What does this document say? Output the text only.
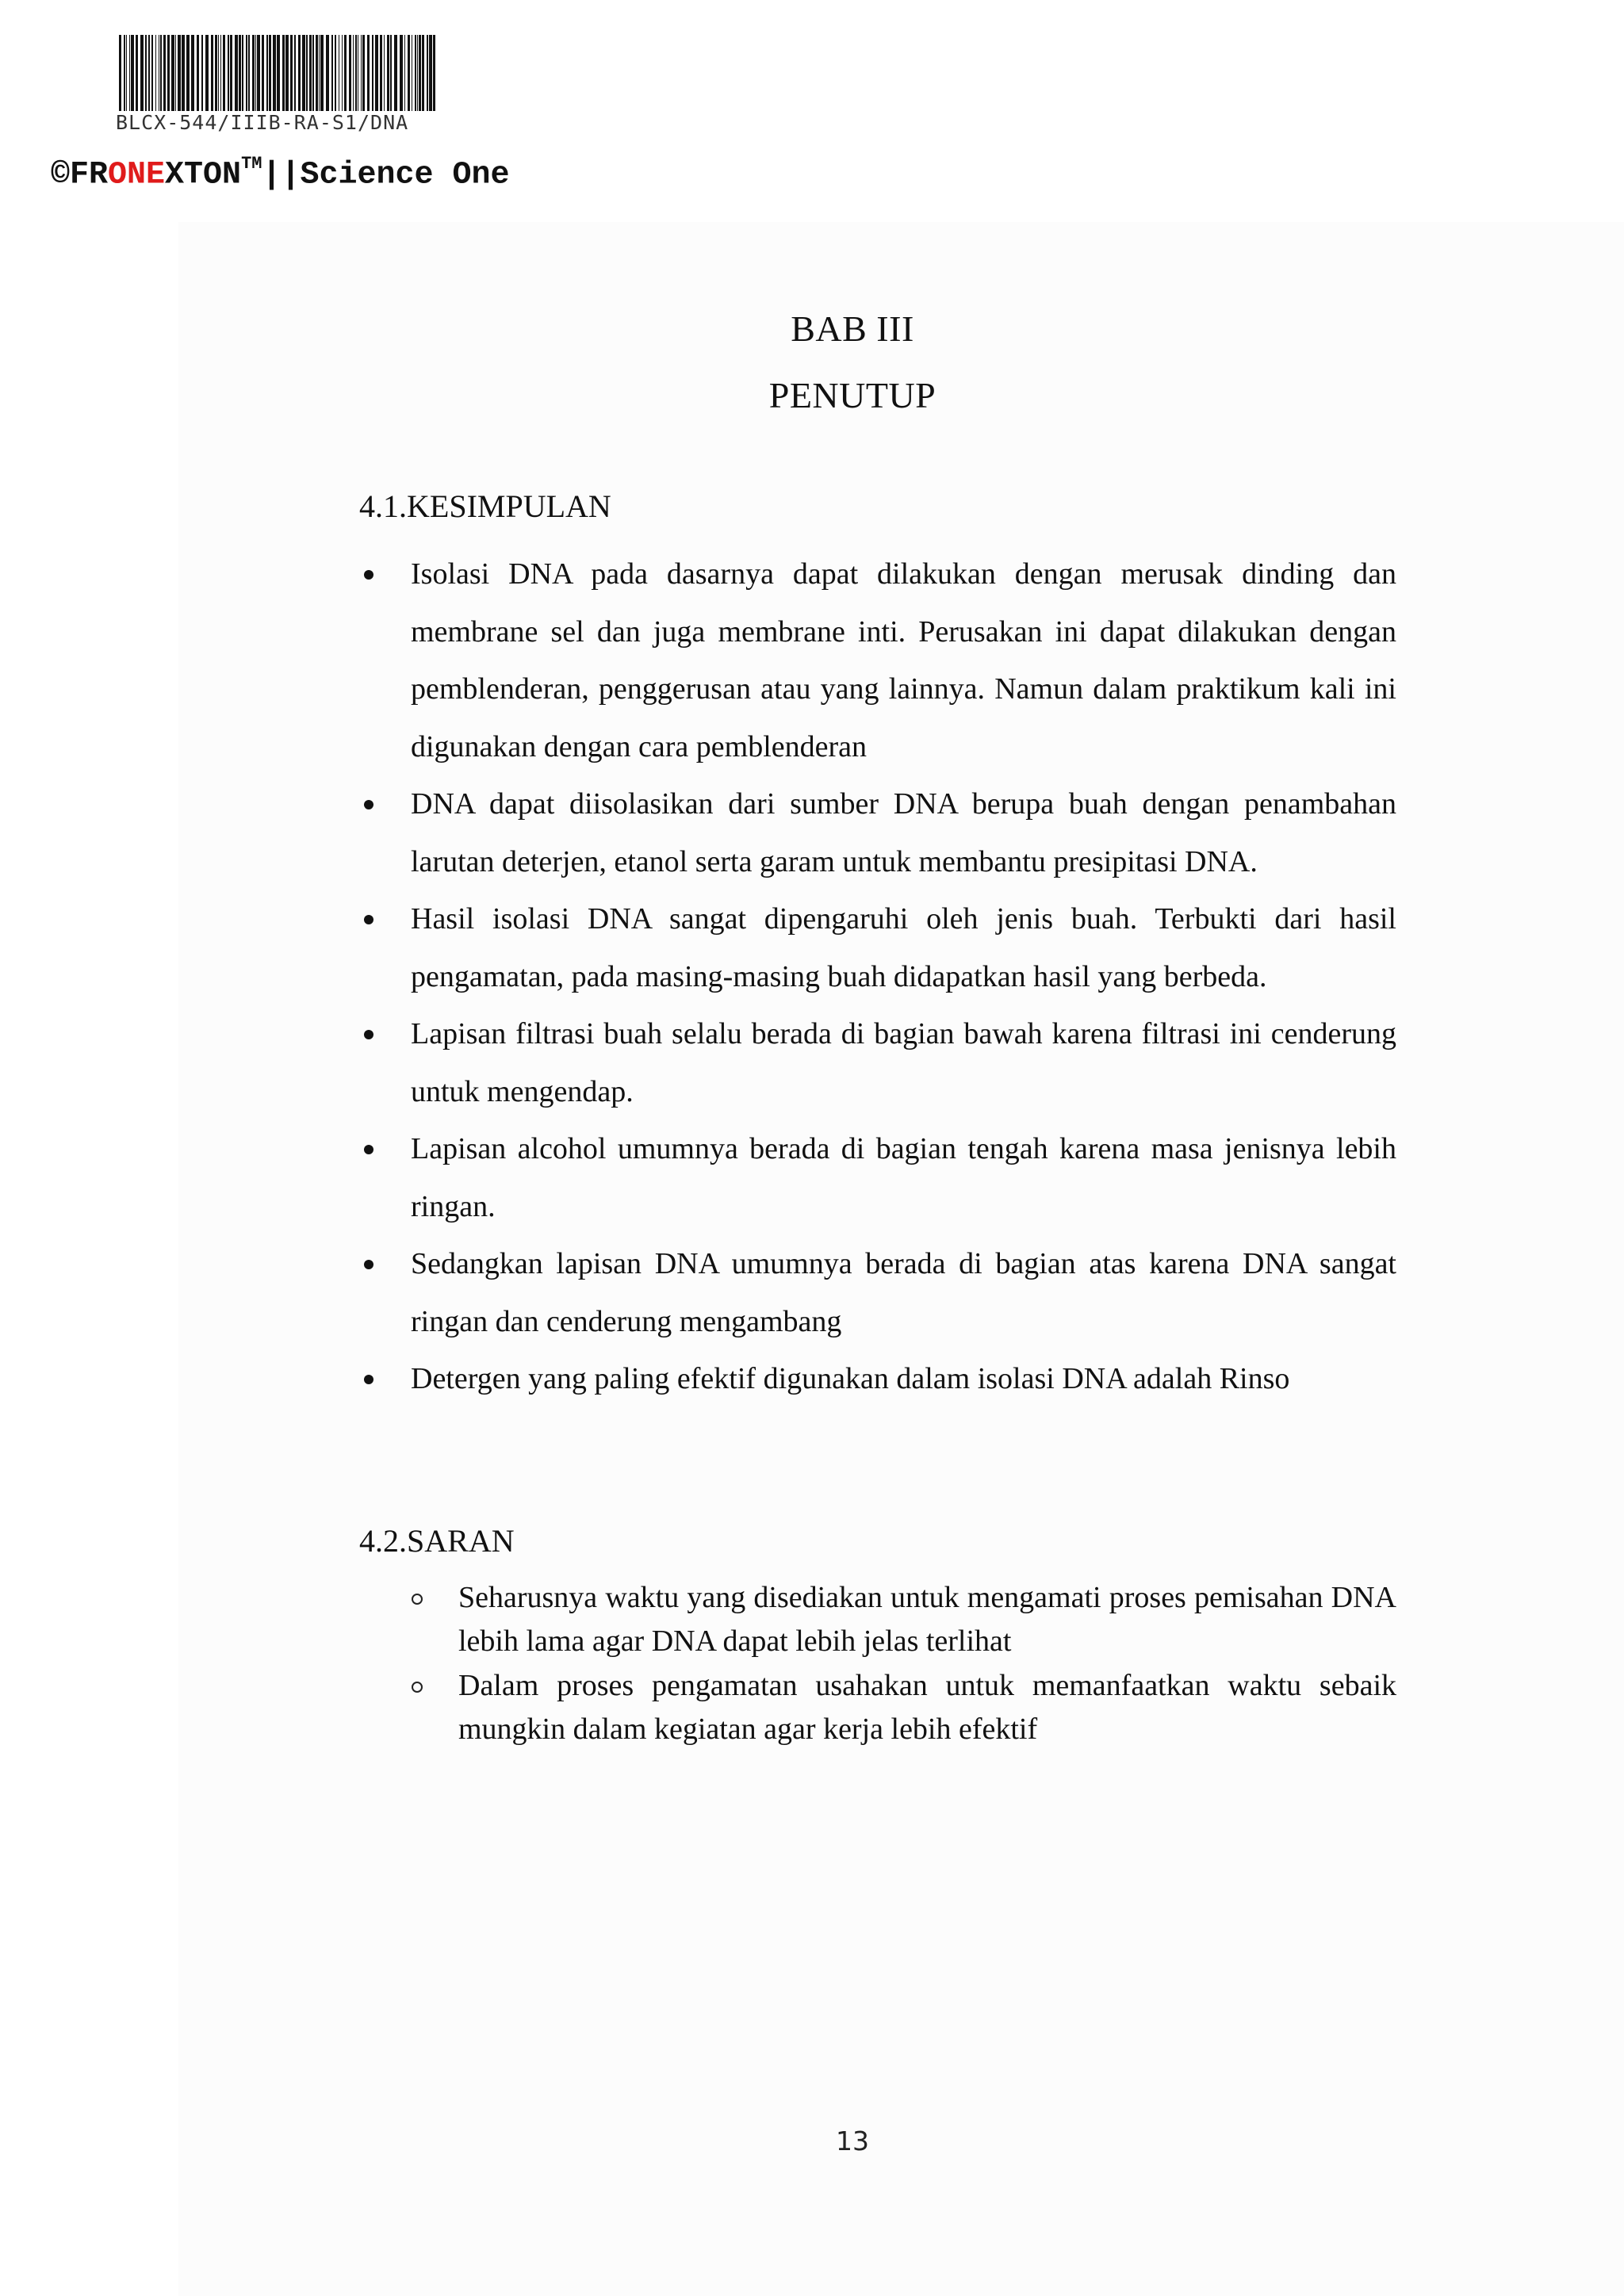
BLCX-544/IIIB-RA-S1/DNA
©FRONEXTON™||Science One
BAB III
PENUTUP
4.1.KESIMPULAN
Isolasi DNA pada dasarnya dapat dilakukan dengan merusak dinding dan membrane sel dan juga membrane inti. Perusakan ini dapat dilakukan dengan pemblenderan, penggerusan atau yang lainnya. Namun dalam praktikum kali ini digunakan dengan cara pemblenderan
DNA dapat diisolasikan dari sumber DNA berupa buah dengan penambahan larutan deterjen, etanol serta garam untuk membantu presipitasi DNA.
Hasil isolasi DNA sangat dipengaruhi oleh jenis buah. Terbukti dari hasil pengamatan, pada masing-masing buah didapatkan hasil yang berbeda.
Lapisan filtrasi buah selalu berada di bagian bawah karena filtrasi ini cenderung untuk mengendap.
Lapisan alcohol umumnya berada di bagian tengah karena masa jenisnya lebih ringan.
Sedangkan lapisan DNA umumnya berada di bagian atas karena DNA sangat ringan dan cenderung mengambang
Detergen yang paling efektif digunakan dalam isolasi DNA adalah Rinso
4.2.SARAN
Seharusnya waktu yang disediakan untuk mengamati proses pemisahan DNA lebih lama agar DNA dapat lebih jelas terlihat
Dalam proses pengamatan usahakan untuk memanfaatkan waktu sebaik mungkin dalam kegiatan agar kerja lebih efektif
13
